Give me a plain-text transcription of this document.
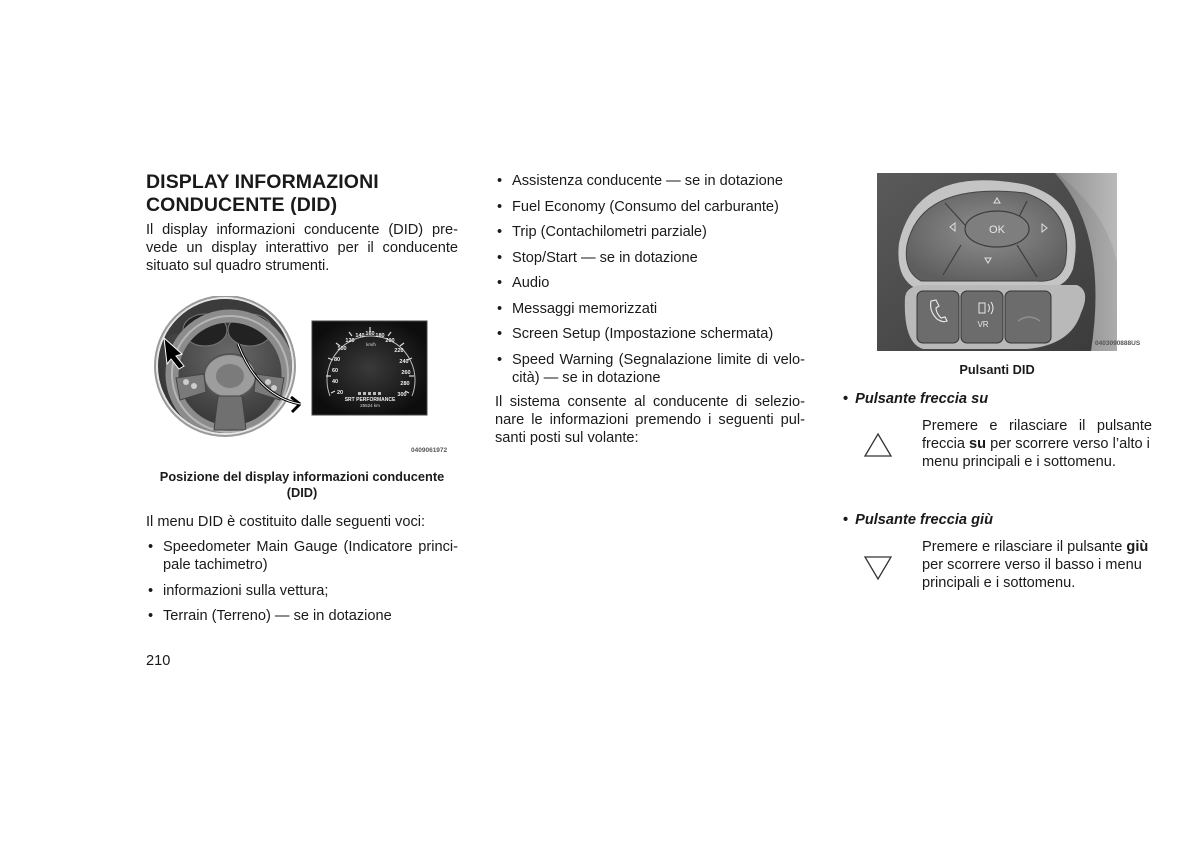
DISPLAY INFORMAZIONI
CONDUCENTE (DID)
Il display informazioni conducente (DID) pre-
vede un display interattivo per il conducente
situato sul quadro strumenti.
20
40
60
80
100
120
140 160 180
200
220
240
260
280
300
km/h
SRT PERFORMANCE
25524 km
0409061972
Posizione del display informazioni conducente
(DID)
Il menu DID è costituito dalle seguenti voci:
• Speedometer Main Gauge (Indicatore princi-
pale tachimetro)
• informazioni sulla vettura;
• Terrain (Terreno) — se in dotazione
210
• Assistenza conducente — se in dotazione
• Fuel Economy (Consumo del carburante)
• Trip (Contachilometri parziale)
• Stop/Start — se in dotazione
• Audio
• Messaggi memorizzati
• Screen Setup (Impostazione schermata)
• Speed Warning (Segnalazione limite di velo-
cità) — se in dotazione
Il sistema consente al conducente di selezio-
nare le informazioni premendo i seguenti pul-
santi posti sul volante:
OK
VR
0403090888US
Pulsanti DID
• Pulsante freccia su
Premere e rilasciare il pulsante
freccia su per scorrere verso l’alto i
menu principali e i sottomenu.
• Pulsante freccia giù
Premere e rilasciare il pulsante giù
per scorrere verso il basso i menu
principali e i sottomenu.
